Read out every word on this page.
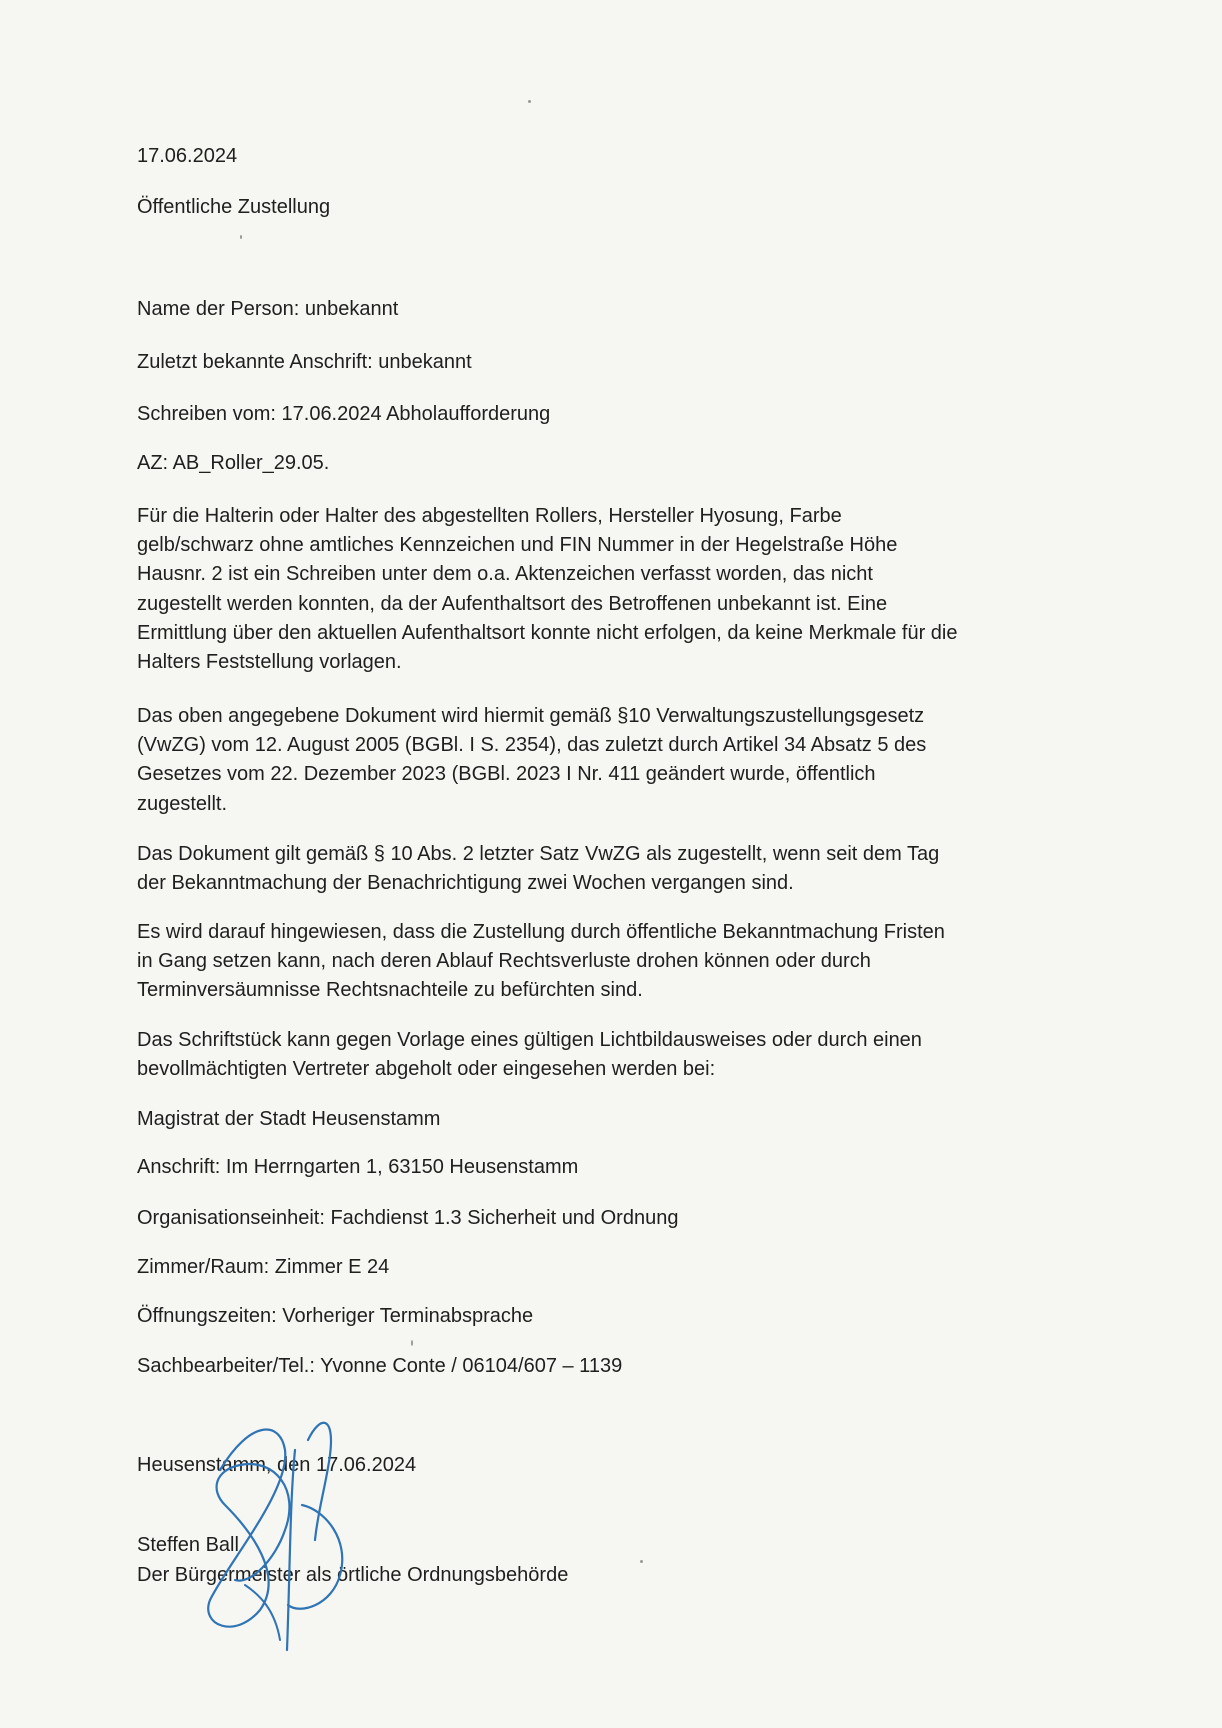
17.06.2024
Öffentliche Zustellung
Name der Person: unbekannt
Zuletzt bekannte Anschrift: unbekannt
Schreiben vom: 17.06.2024 Abholaufforderung
AZ: AB_Roller_29.05.
Für die Halterin oder Halter des abgestellten Rollers, Hersteller Hyosung, Farbe
gelb/schwarz ohne amtliches Kennzeichen und FIN Nummer in der Hegelstraße Höhe
Hausnr. 2 ist ein Schreiben unter dem o.a. Aktenzeichen verfasst worden, das nicht
zugestellt werden konnten, da der Aufenthaltsort des Betroffenen unbekannt ist. Eine
Ermittlung über den aktuellen Aufenthaltsort konnte nicht erfolgen, da keine Merkmale für die
Halters Feststellung vorlagen.
Das oben angegebene Dokument wird hiermit gemäß §10 Verwaltungszustellungsgesetz
(VwZG) vom 12. August 2005 (BGBl. I S. 2354), das zuletzt durch Artikel 34 Absatz 5 des
Gesetzes vom 22. Dezember 2023 (BGBl. 2023 I Nr. 411 geändert wurde, öffentlich
zugestellt.
Das Dokument gilt gemäß § 10 Abs. 2 letzter Satz VwZG als zugestellt, wenn seit dem Tag
der Bekanntmachung der Benachrichtigung zwei Wochen vergangen sind.
Es wird darauf hingewiesen, dass die Zustellung durch öffentliche Bekanntmachung Fristen
in Gang setzen kann, nach deren Ablauf Rechtsverluste drohen können oder durch
Terminversäumnisse Rechtsnachteile zu befürchten sind.
Das Schriftstück kann gegen Vorlage eines gültigen Lichtbildausweises oder durch einen
bevollmächtigten Vertreter abgeholt oder eingesehen werden bei:
Magistrat der Stadt Heusenstamm
Anschrift: Im Herrngarten 1, 63150 Heusenstamm
Organisationseinheit: Fachdienst 1.3 Sicherheit und Ordnung
Zimmer/Raum: Zimmer E 24
Öffnungszeiten: Vorheriger Terminabsprache
Sachbearbeiter/Tel.: Yvonne Conte / 06104/607 – 1139
Heusenstamm, den 17.06.2024
Steffen Ball
Der Bürgermeister als örtliche Ordnungsbehörde
